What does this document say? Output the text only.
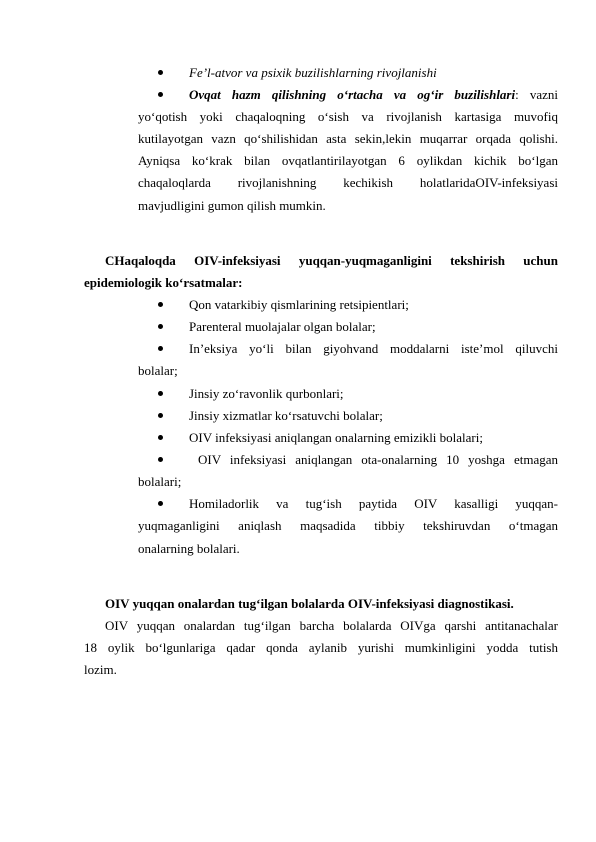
Fe’l-atvor va psixik buzilishlarning rivojlanishi
Ovqat hazm qilishning o‘rtacha va og‘ir buzilishlari: vazni
yo‘qotish yoki chaqaloqning o‘sish va rivojlanish kartasiga muvofiq
kutilayotgan vazn qo‘shilishidan asta sekin,lekin muqarrar orqada qolishi.
Ayniqsa ko‘krak bilan ovqatlantirilayotgan 6 oylikdan kichik bo‘lgan
chaqaloqlarda rivojlanishning kechikish holatlaridaOIV-infeksiyasi
mavjudligini gumon qilish mumkin.
CHaqaloqda OIV-infeksiyasi yuqqan-yuqmaganligini tekshirish uchun
epidemiologik ko‘rsatmalar:
Qon vatarkibiy qismlarining retsipientlari;
Parenteral muolajalar olgan bolalar;
In’eksiya yo‘li bilan giyohvand moddalarni iste’mol qiluvchi
bolalar;
Jinsiy zo‘ravonlik qurbonlari;
Jinsiy xizmatlar ko‘rsatuvchi bolalar;
OIV infeksiyasi aniqlangan onalarning emizikli bolalari;
OIV infeksiyasi aniqlangan ota-onalarning 10 yoshga etmagan
bolalari;
Homiladorlik va tug‘ish paytida OIV kasalligi yuqqan-
yuqmaganligini aniqlash maqsadida tibbiy tekshiruvdan o‘tmagan
onalarning bolalari.
OIV yuqqan onalardan tug‘ilgan bolalarda OIV-infeksiyasi diagnostikasi.
OIV yuqqan onalardan tug‘ilgan barcha bolalarda OIVga qarshi antitanachalar
18 oylik bo‘lgunlariga qadar qonda aylanib yurishi mumkinligini yodda tutish
lozim.
